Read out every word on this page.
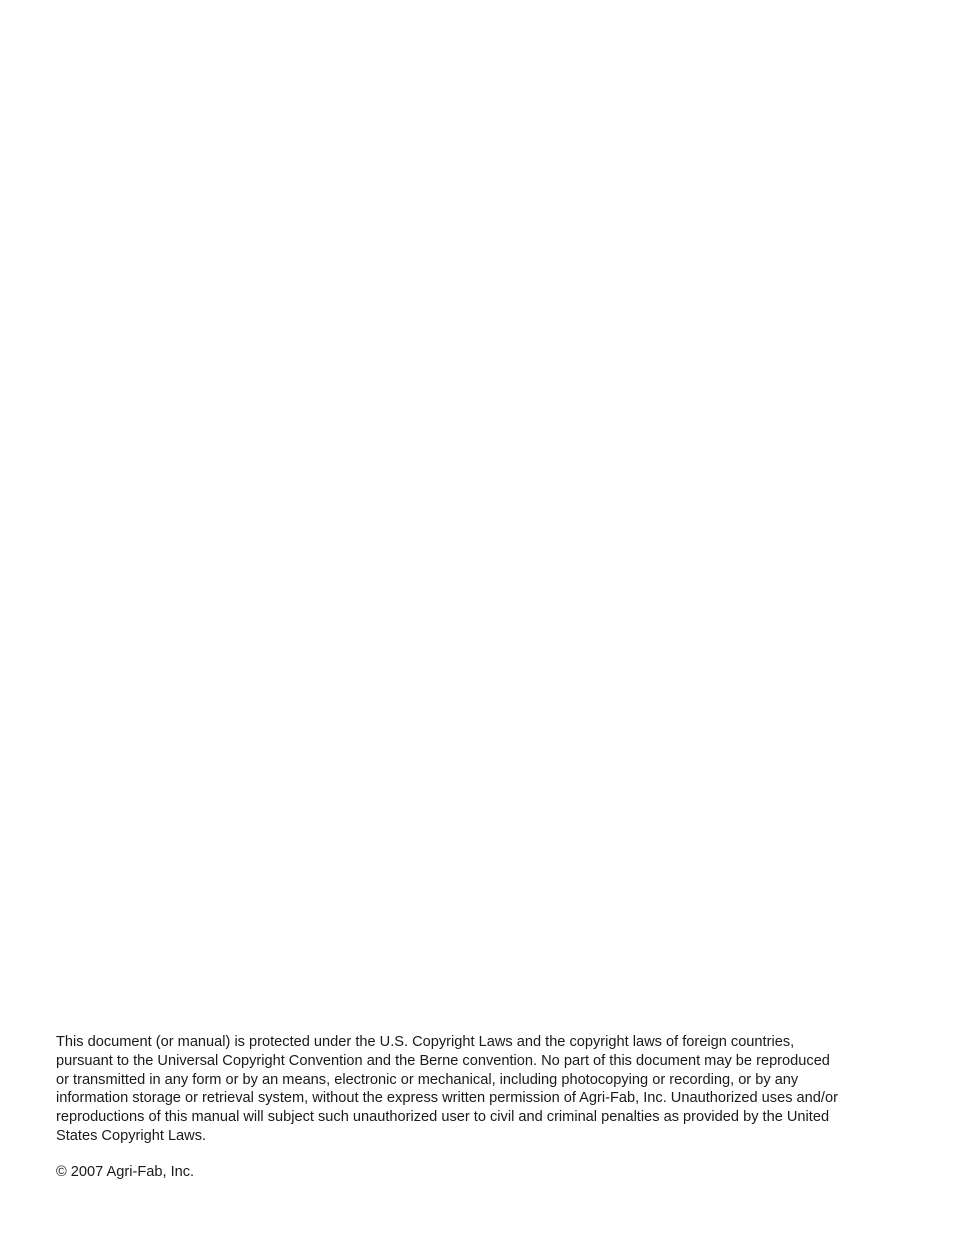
This document (or manual) is protected under the U.S. Copyright Laws and the copyright laws of foreign countries,
pursuant to the Universal Copyright Convention and the Berne convention. No part of this document may be reproduced
or transmitted in any form or by an means, electronic or mechanical, including photocopying or recording, or by any
information storage or retrieval system, without the express written permission of Agri-Fab, Inc. Unauthorized uses and/or
reproductions of this manual will subject such unauthorized user to civil and criminal penalties as provided by the United
States Copyright Laws.
© 2007 Agri-Fab, Inc.
